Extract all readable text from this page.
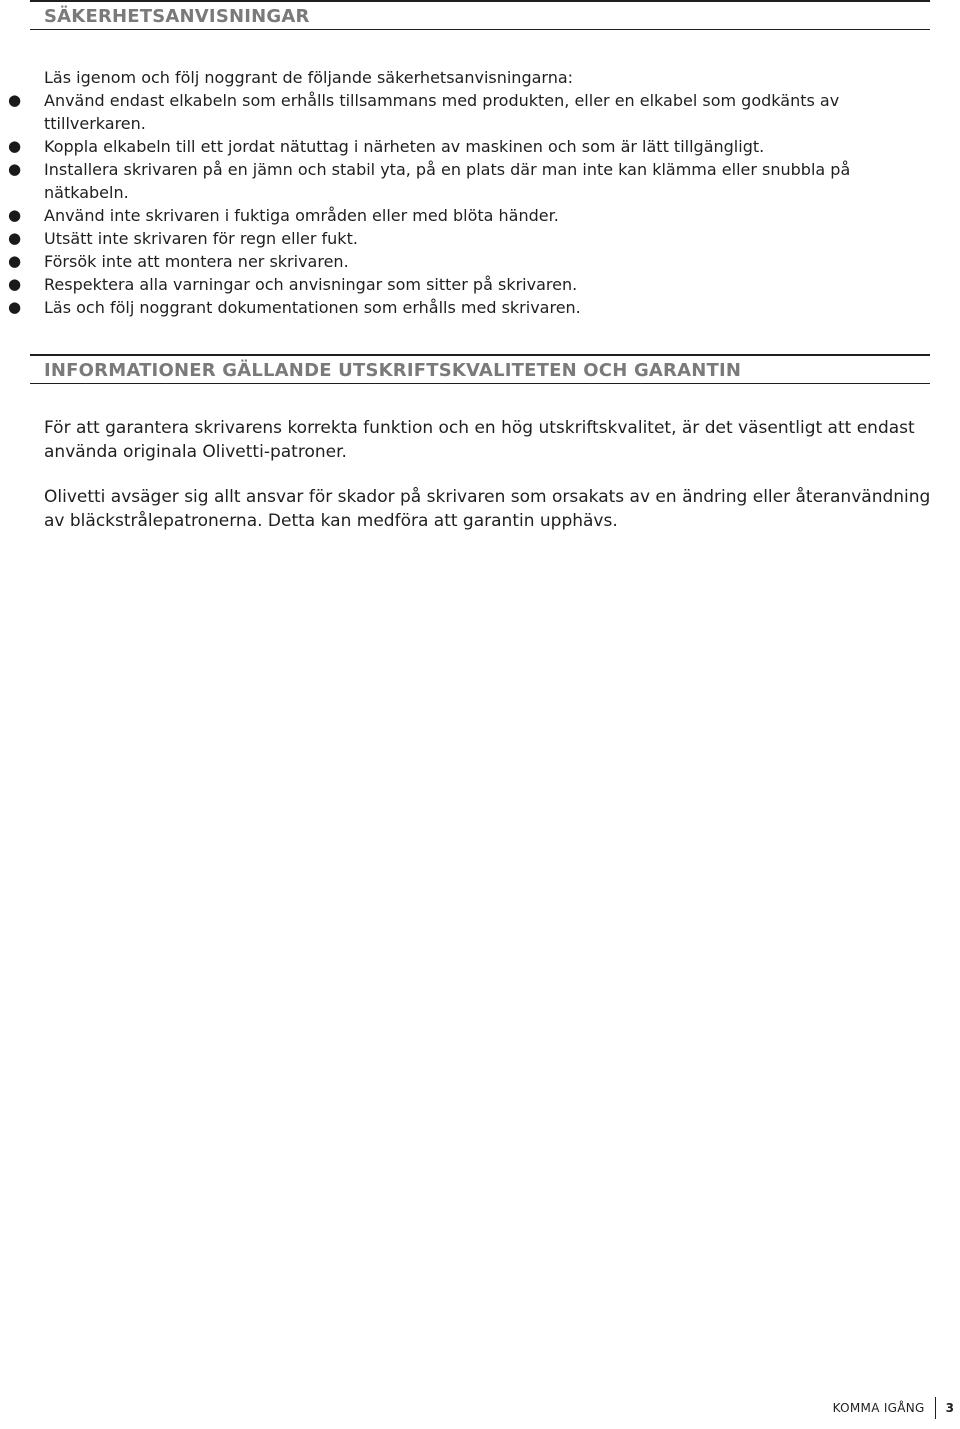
SÄKERHETSANVISNINGAR
Läs igenom och följ noggrant de följande säkerhetsanvisningarna:
● Använd endast elkabeln som erhålls tillsammans med produkten, eller en elkabel som godkänts av ttillverkaren.
● Koppla elkabeln till ett jordat nätuttag i närheten av maskinen och som är lätt tillgängligt.
● Installera skrivaren på en jämn och stabil yta, på en plats där man inte kan klämma eller snubbla på nätkabeln.
● Använd inte skrivaren i fuktiga områden eller med blöta händer.
● Utsätt inte skrivaren för regn eller fukt.
● Försök inte att montera ner skrivaren.
● Respektera alla varningar och anvisningar som sitter på skrivaren.
● Läs och följ noggrant dokumentationen som erhålls med skrivaren.
INFORMATIONER GÄLLANDE UTSKRIFTSKVALITETEN OCH GARANTIN
För att garantera skrivarens korrekta funktion och en hög utskriftskvalitet, är det väsentligt att endast använda originala Olivetti-patroner.
Olivetti avsäger sig allt ansvar för skador på skrivaren som orsakats av en ändring eller återanvändning av bläckstrålepatronerna. Detta kan medföra att garantin upphävs.
KOMMA IGÅNG 3
